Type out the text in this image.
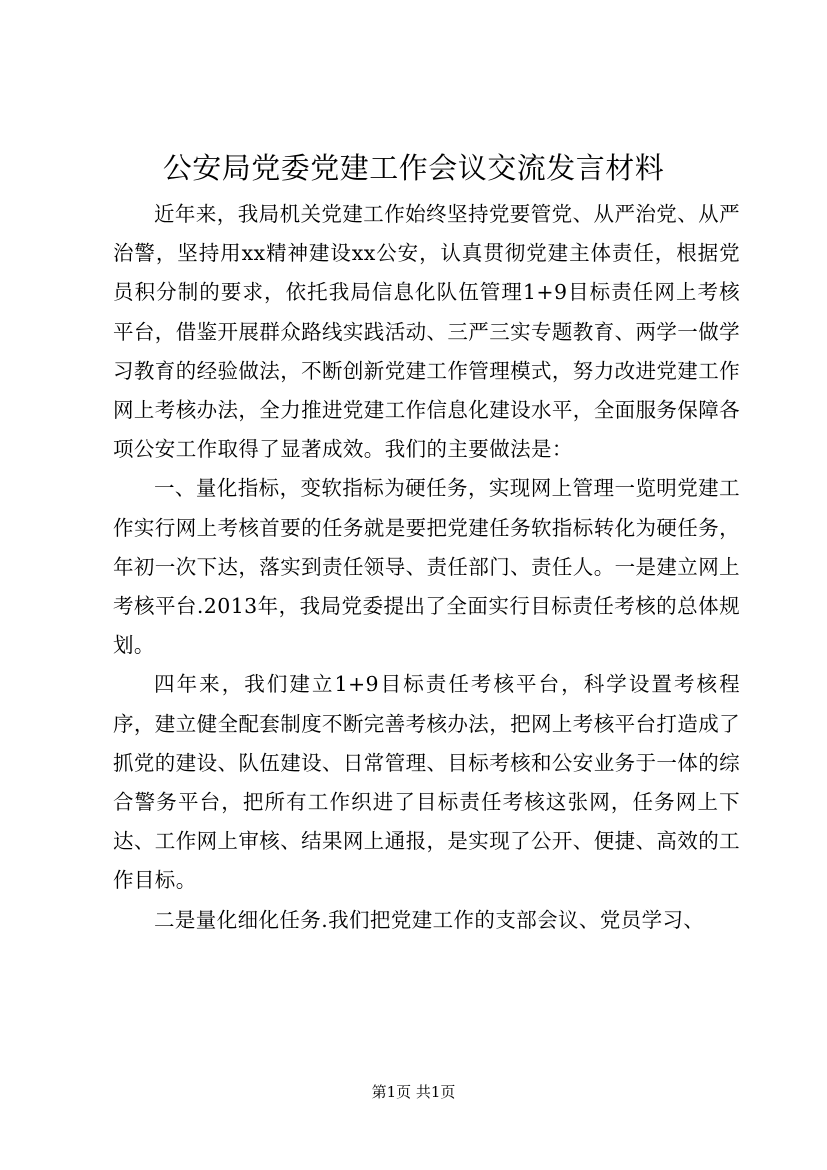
公安局党委党建工作会议交流发言材料

近年来，我局机关党建工作始终坚持党要管党、从严治党、从严治警，坚持用xx精神建设xx公安，认真贯彻党建主体责任，根据党员积分制的要求，依托我局信息化队伍管理1+9目标责任网上考核平台，借鉴开展群众路线实践活动、三严三实专题教育、两学一做学习教育的经验做法，不断创新党建工作管理模式，努力改进党建工作网上考核办法，全力推进党建工作信息化建设水平，全面服务保障各项公安工作取得了显著成效。我们的主要做法是：

一、量化指标，变软指标为硬任务，实现网上管理一览明党建工作实行网上考核首要的任务就是要把党建任务软指标转化为硬任务，年初一次下达，落实到责任领导、责任部门、责任人。一是建立网上考核平台.2013年，我局党委提出了全面实行目标责任考核的总体规划。

四年来，我们建立1+9目标责任考核平台，科学设置考核程序，建立健全配套制度不断完善考核办法，把网上考核平台打造成了抓党的建设、队伍建设、日常管理、目标考核和公安业务于一体的综合警务平台，把所有工作织进了目标责任考核这张网，任务网上下达、工作网上审核、结果网上通报，是实现了公开、便捷、高效的工作目标。

二是量化细化任务.我们把党建工作的支部会议、党员学习、

第1页 共1页
